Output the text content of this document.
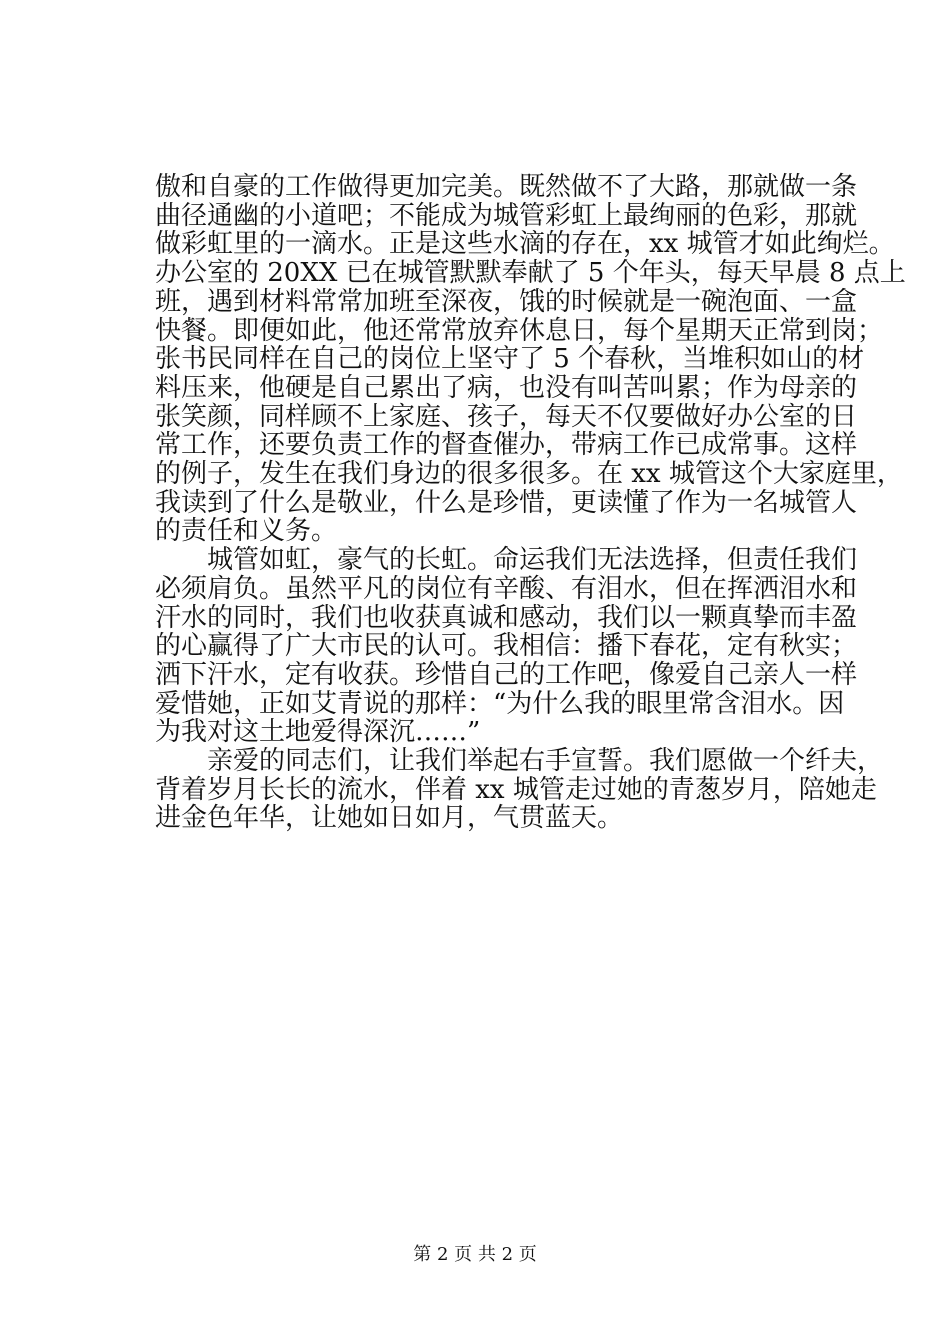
傲和自豪的工作做得更加完美。既然做不了大路，那就做一条
曲径通幽的小道吧；不能成为城管彩虹上最绚丽的色彩，那就
做彩虹里的一滴水。正是这些水滴的存在，xx 城管才如此绚烂。
办公室的 20XX 已在城管默默奉献了 5 个年头，每天早晨 8 点上
班，遇到材料常常加班至深夜，饿的时候就是一碗泡面、一盒
快餐。即便如此，他还常常放弃休息日，每个星期天正常到岗；
张书民同样在自己的岗位上坚守了 5 个春秋，当堆积如山的材
料压来，他硬是自己累出了病，也没有叫苦叫累；作为母亲的
张笑颜，同样顾不上家庭、孩子，每天不仅要做好办公室的日
常工作，还要负责工作的督查催办，带病工作已成常事。这样
的例子，发生在我们身边的很多很多。在 xx 城管这个大家庭里，
我读到了什么是敬业，什么是珍惜，更读懂了作为一名城管人
的责任和义务。

　　城管如虹，豪气的长虹。命运我们无法选择，但责任我们
必须肩负。虽然平凡的岗位有辛酸、有泪水，但在挥洒泪水和
汗水的同时，我们也收获真诚和感动，我们以一颗真挚而丰盈
的心赢得了广大市民的认可。我相信：播下春花，定有秋实；
洒下汗水，定有收获。珍惜自己的工作吧，像爱自己亲人一样
爱惜她，正如艾青说的那样：“为什么我的眼里常含泪水。因
为我对这土地爱得深沉……”

　　亲爱的同志们，让我们举起右手宣誓。我们愿做一个纤夫，
背着岁月长长的流水，伴着 xx 城管走过她的青葱岁月，陪她走
进金色年华，让她如日如月，气贯蓝天。

第 2 页 共 2 页
